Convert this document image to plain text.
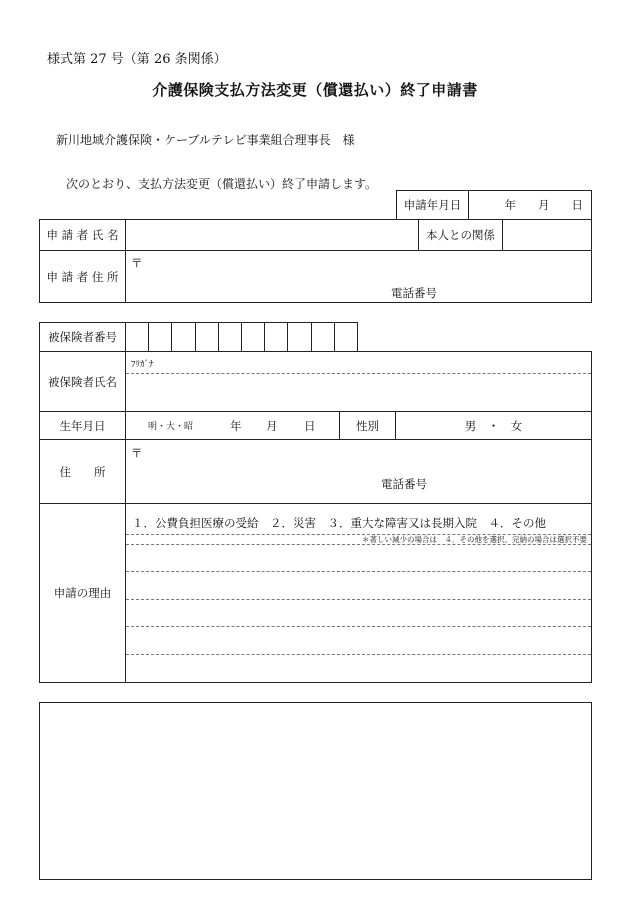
様式第 27 号（第 26 条関係）
介護保険支払方法変更（償還払い）終了申請書
新川地域介護保険・ケーブルテレビ事業組合理事長　様
次のとおり、支払方法変更（償還払い）終了申請します。
申請年月日	年 月 日
申 請 者 氏 名		本人との関係	
申 請 者 住 所	〒
電話番号		
被保険者番号										
被保険者氏名	ﾌﾘｶﾞﾅ		

生年月日	明・大・昭 年 月 日	性別	男　・　女
住　　所	〒
電話番号		

申請の理由	１．公費負担医療の受給　２．災害　３．重大な障害又は長期入院　４．その他
＊著しい減少の場合は　４．その他を選択、完納の場合は選択不要		
